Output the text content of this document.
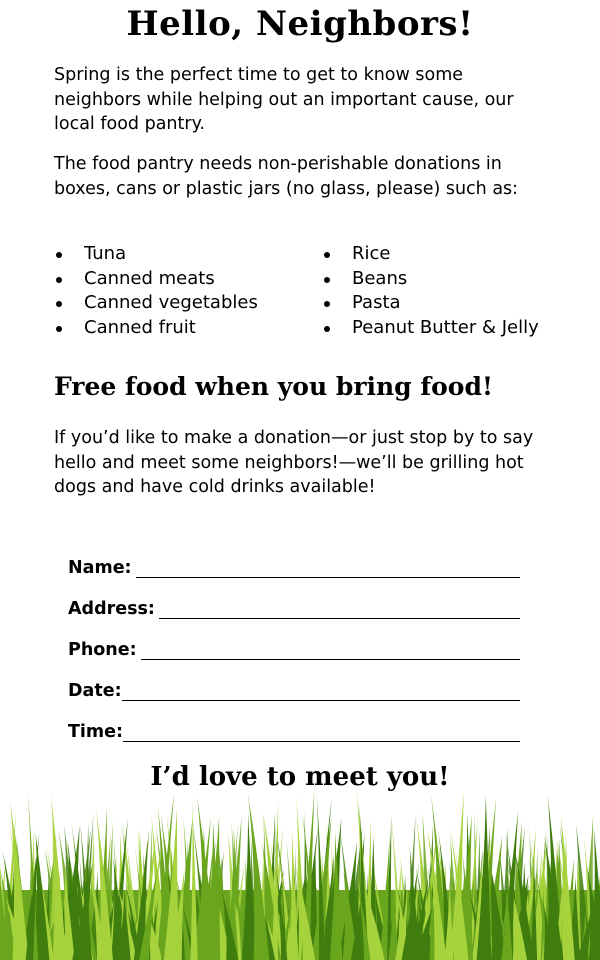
Hello, Neighbors!

Spring is the perfect time to get to know some neighbors while helping out an important cause, our local food pantry.

The food pantry needs non-perishable donations in boxes, cans or plastic jars (no glass, please) such as:

Tuna
Canned meats
Canned vegetables
Canned fruit
Rice
Beans
Pasta
Peanut Butter & Jelly
Free food when you bring food!

If you’d like to make a donation—or just stop by to say hello and meet some neighbors!—we’ll be grilling hot dogs and have cold drinks available!

Name:
Address:
Phone:
Date:
Time:
I’d love to meet you!
